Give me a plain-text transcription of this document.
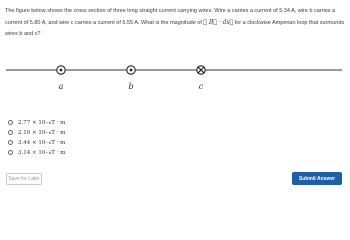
The figure below shows the cross section of three long straight current carrying wires. Wire a carries a current of 5.34 A, wire b carries a current of 5.80 A, and wire c carries a current of 5.55 A. What is the magnitude of ∮ B⃗ · ds⃗ for a clockwise Amperian loop that surrounds wires b and c?
a	b	c
2.77 × 10 −6 T · m
2.10 × 10 −6 T · m
3.44 × 10 −6 T · m
3.14 × 10 −6 T · m
Save for Later	Submit Answer
